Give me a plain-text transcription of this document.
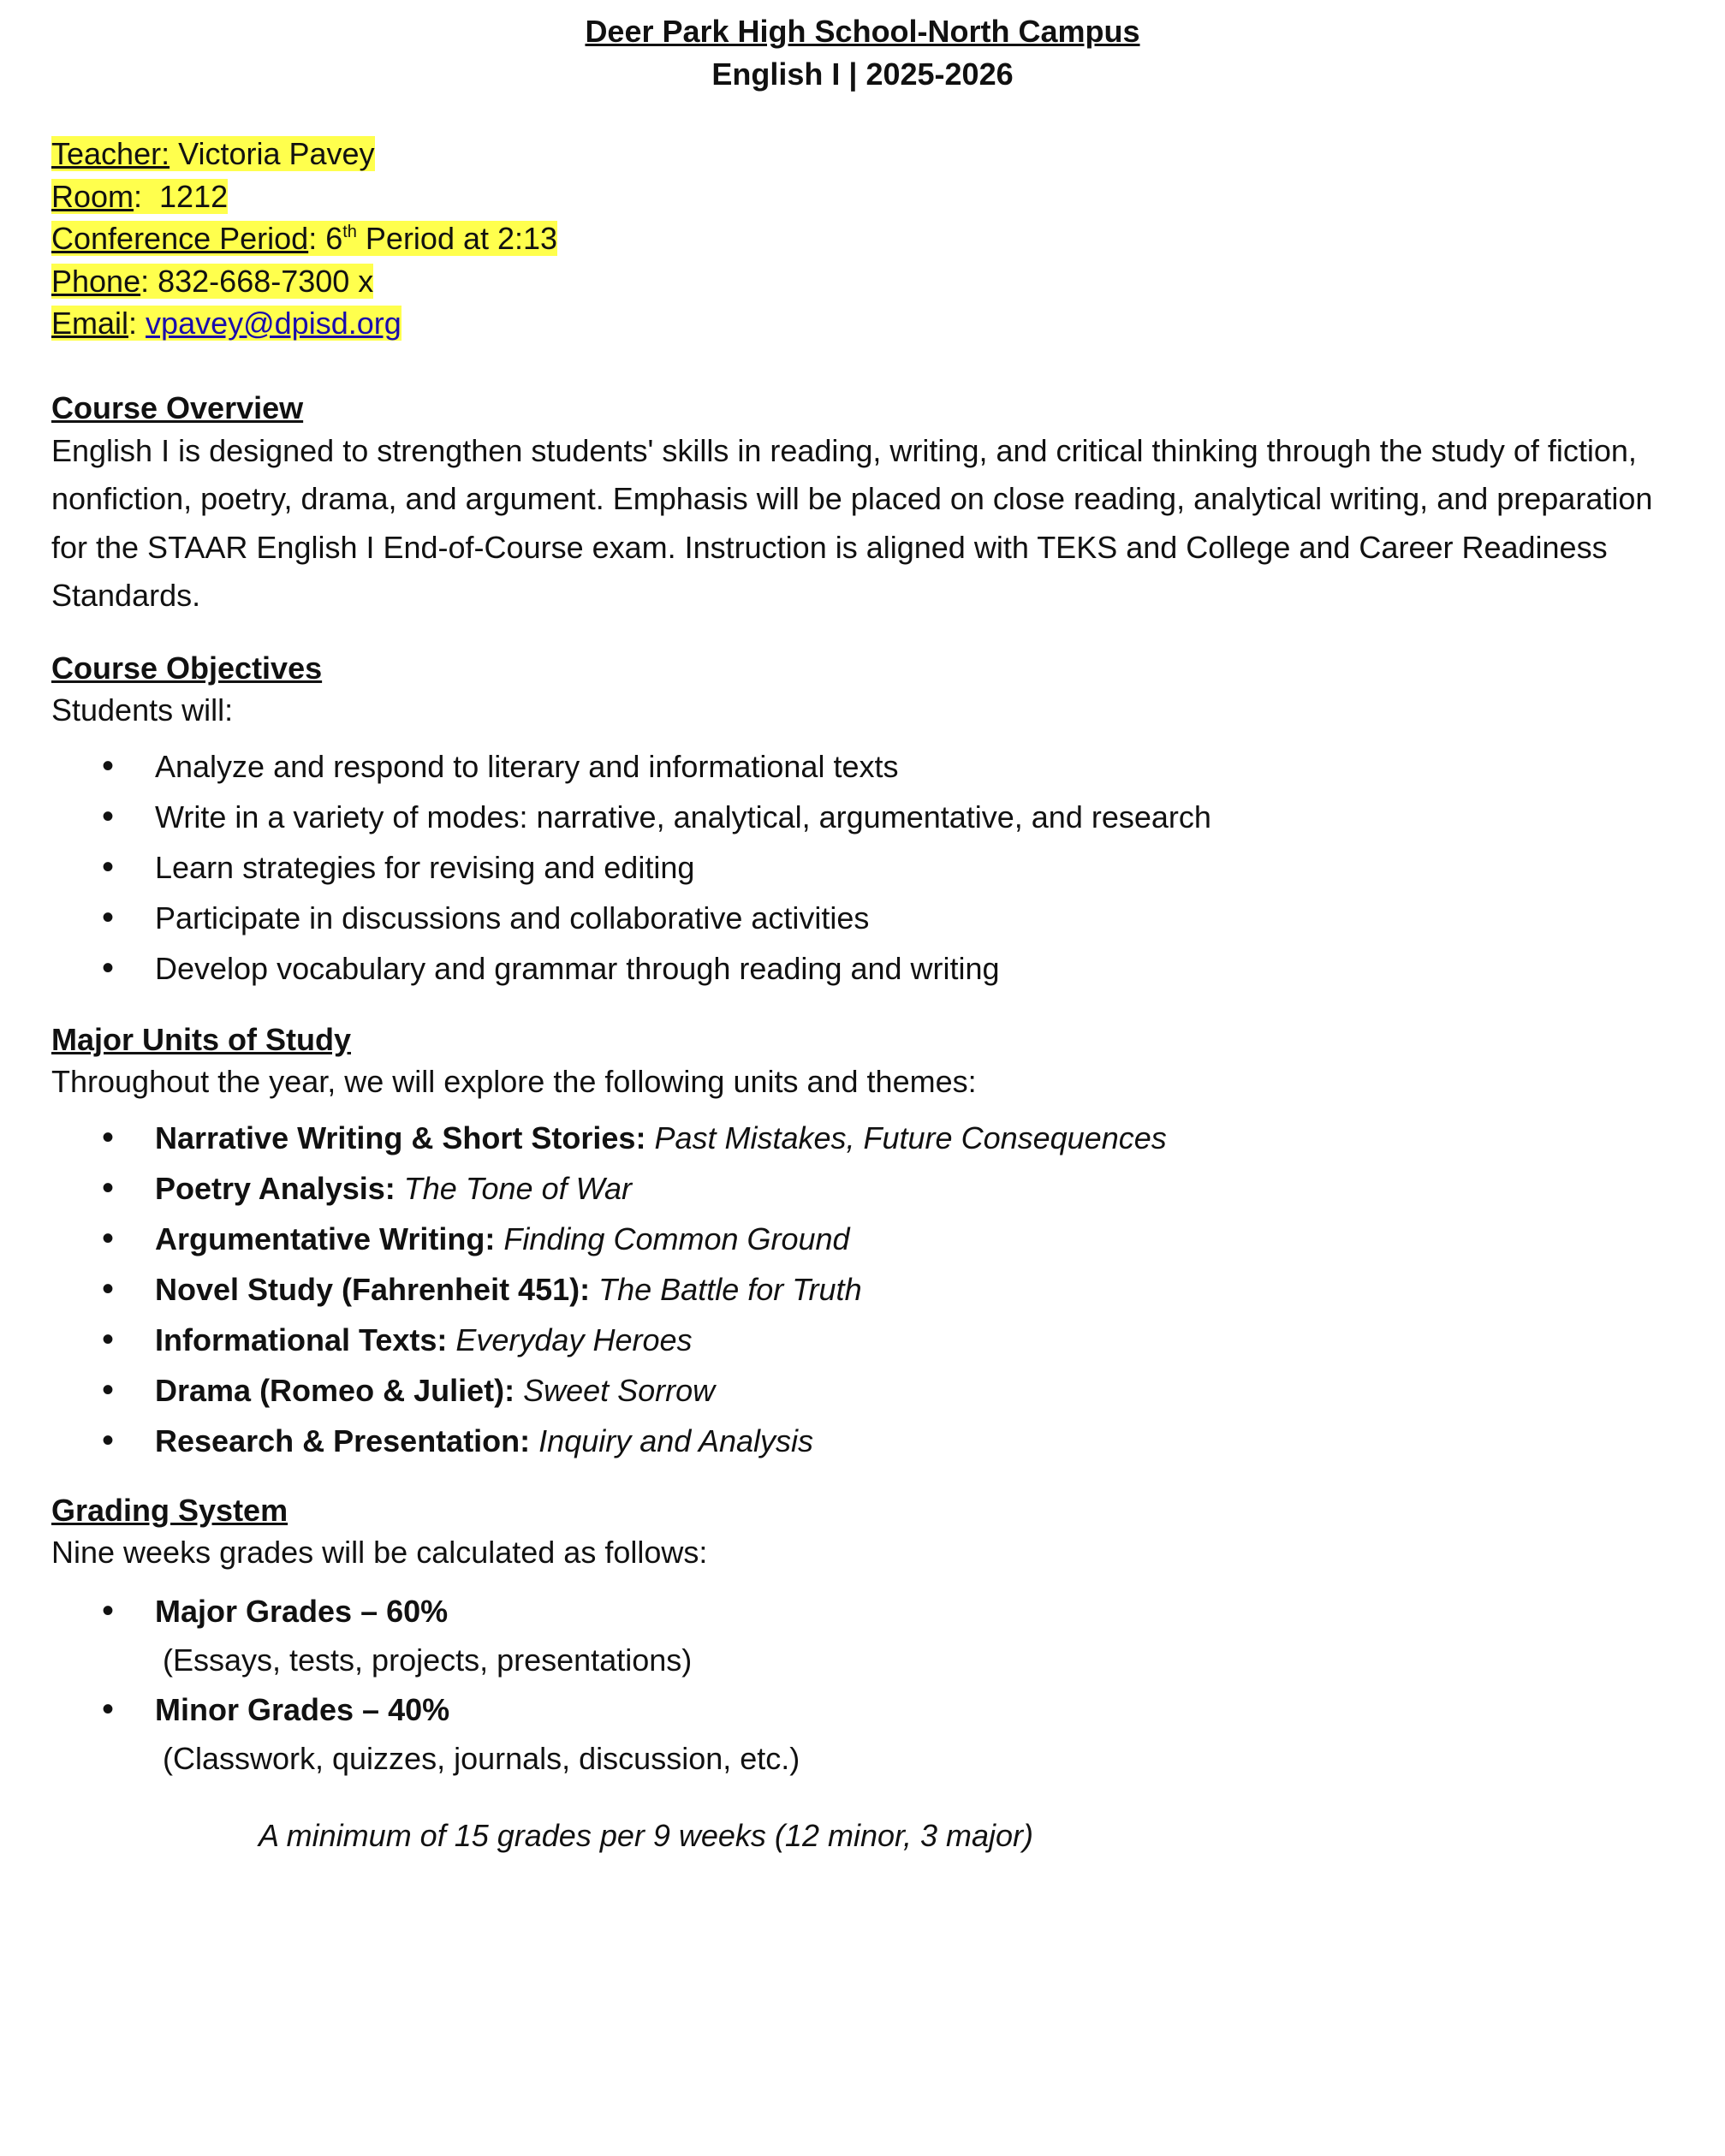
Deer Park High School-North Campus
English I | 2025-2026
Teacher: Victoria Pavey
Room:  1212
Conference Period: 6th Period at 2:13
Phone: 832-668-7300 x
Email: vpavey@dpisd.org
Course Overview

English I is designed to strengthen students' skills in reading, writing, and critical thinking through the study of fiction, nonfiction, poetry, drama, and argument. Emphasis will be placed on close reading, analytical writing, and preparation for the STAAR English I End-of-Course exam. Instruction is aligned with TEKS and College and Career Readiness Standards.

Course Objectives
Students will:
• Analyze and respond to literary and informational texts
• Write in a variety of modes: narrative, analytical, argumentative, and research
• Learn strategies for revising and editing
• Participate in discussions and collaborative activities
• Develop vocabulary and grammar through reading and writing
Major Units of Study
Throughout the year, we will explore the following units and themes:
• Narrative Writing & Short Stories: Past Mistakes, Future Consequences
• Poetry Analysis: The Tone of War
• Argumentative Writing: Finding Common Ground
• Novel Study (Fahrenheit 451): The Battle for Truth
• Informational Texts: Everyday Heroes
• Drama (Romeo & Juliet): Sweet Sorrow
• Research & Presentation: Inquiry and Analysis
Grading System
Nine weeks grades will be calculated as follows:
• Major Grades – 60%
(Essays, tests, projects, presentations)
• Minor Grades – 40%
(Classwork, quizzes, journals, discussion, etc.)
A minimum of 15 grades per 9 weeks (12 minor, 3 major)
